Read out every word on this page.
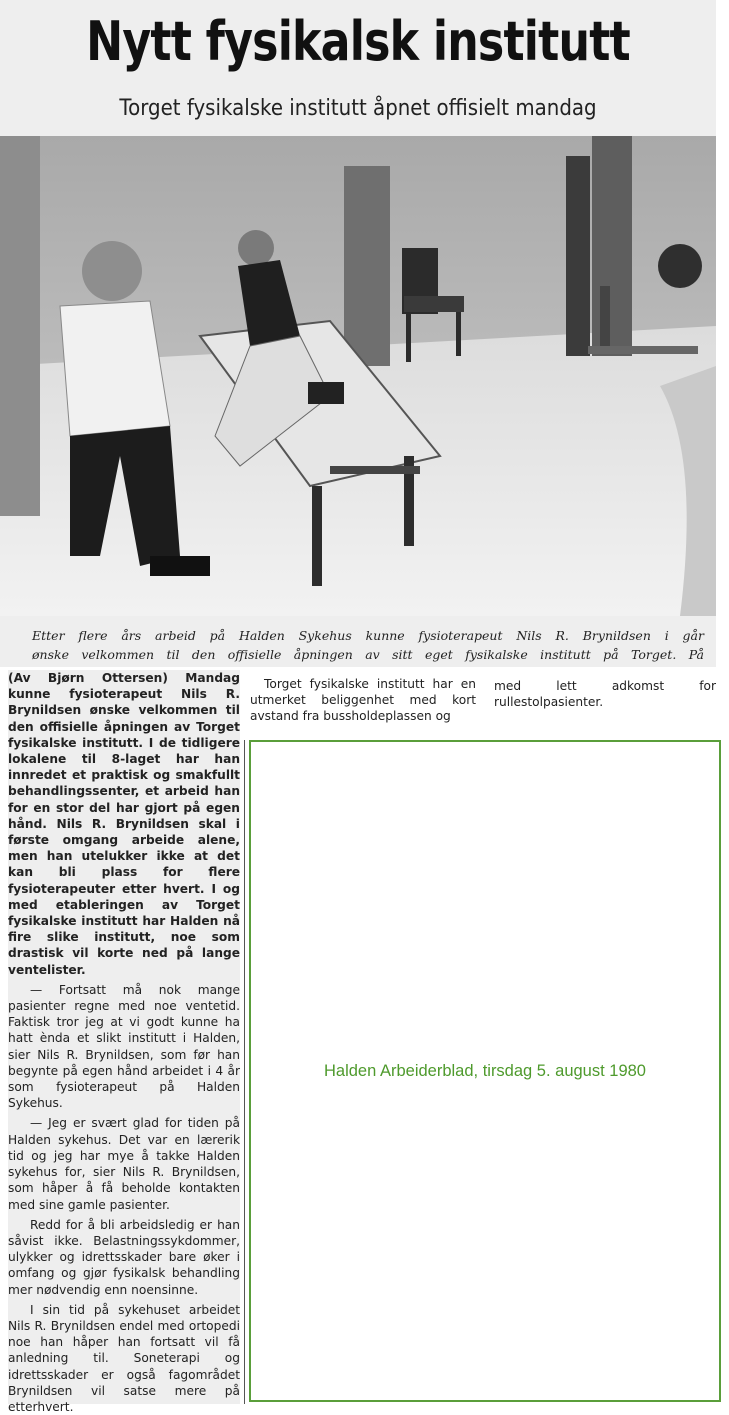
Nytt fysikalsk institutt
Torget fysikalske institutt åpnet offisielt mandag
Etter flere års arbeid på Halden Sykehus kunne fysioterapeut Nils R. Brynildsen i går
ønske velkommen til den offisielle åpningen av sitt eget fysikalske institutt på Torget. På

(Av Bjørn Ottersen) Mandag kunne fysioterapeut Nils R. Brynildsen ønske velkommen til den offisielle åpningen av Torget fysikalske institutt. I de tidligere lokalene til 8-laget har han innredet et praktisk og smakfullt behandlingssenter, et arbeid han for en stor del har gjort på egen hånd. Nils R. Brynildsen skal i første omgang arbeide alene, men han utelukker ikke at det kan bli plass for flere fysioterapeuter etter hvert. I og med etableringen av Torget fysikalske institutt har Halden nå fire slike institutt, noe som drastisk vil korte ned på lange ventelister.

— Fortsatt må nok mange pasienter regne med noe ventetid. Faktisk tror jeg at vi godt kunne ha hatt ènda et slikt institutt i Halden, sier Nils R. Brynildsen, som før han begynte på egen hånd arbeidet i 4 år som fysioterapeut på Halden Sykehus.

— Jeg er svært glad for tiden på Halden sykehus. Det var en lærerik tid og jeg har mye å takke Halden sykehus for, sier Nils R. Brynildsen, som håper å få beholde kontakten med sine gamle pasienter.

Redd for å bli arbeidsledig er han såvist ikke. Belastningssykdommer, ulykker og idrettsskader bare øker i omfang og gjør fysikalsk behandling mer nødvendig enn noensinne.

I sin tid på sykehuset arbeidet Nils R. Brynildsen endel med ortopedi noe han håper han fortsatt vil få anledning til. Soneterapi og idrettsskader er også fagområdet Brynildsen vil satse mere på etterhvert.

Torget fysikalske institutt har en utmerket beliggenhet med kort avstand fra bussholdeplassen og

med lett adkomst for rullestolpasienter.

Halden Arbeiderblad, tirsdag 5. august 1980
